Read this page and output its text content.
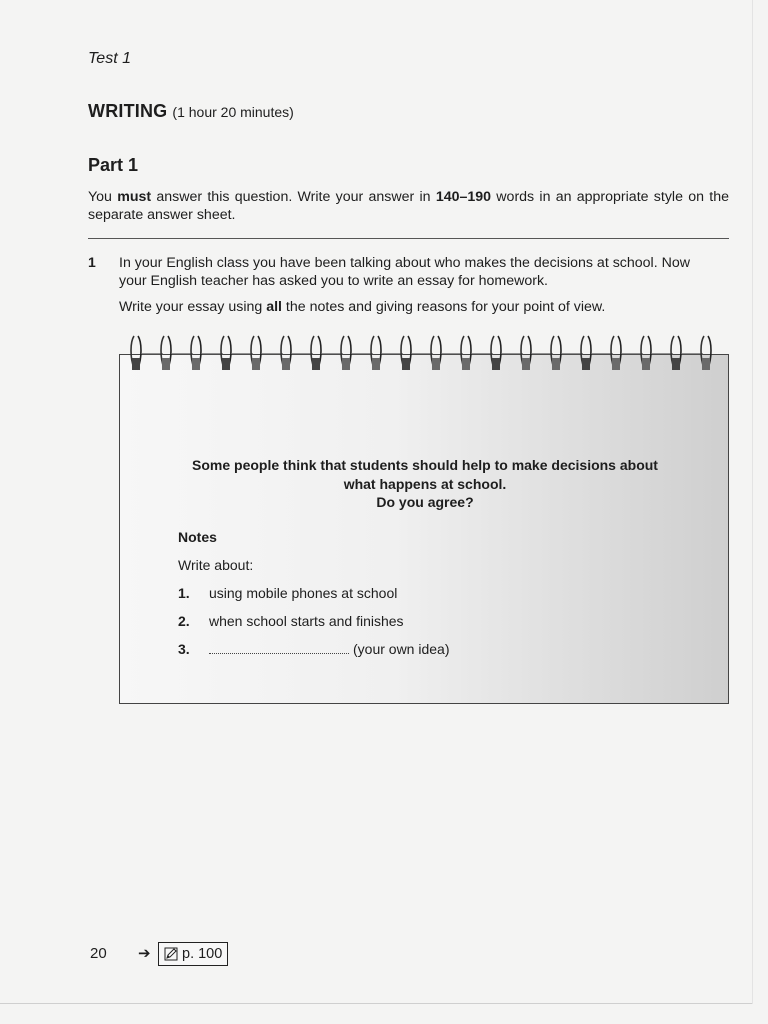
Test 1
WRITING (1 hour 20 minutes)
Part 1
You must answer this question. Write your answer in 140–190 words in an appropriate style on the separate answer sheet.
1 In your English class you have been talking about who makes the decisions at school. Now your English teacher has asked you to write an essay for homework.
Write your essay using all the notes and giving reasons for your point of view.
Some people think that students should help to make decisions about
what happens at school.
Do you agree?
Notes
Write about:
1. using mobile phones at school
2. when school starts and finishes
3.	(your own idea)
20 ➔ p. 100
